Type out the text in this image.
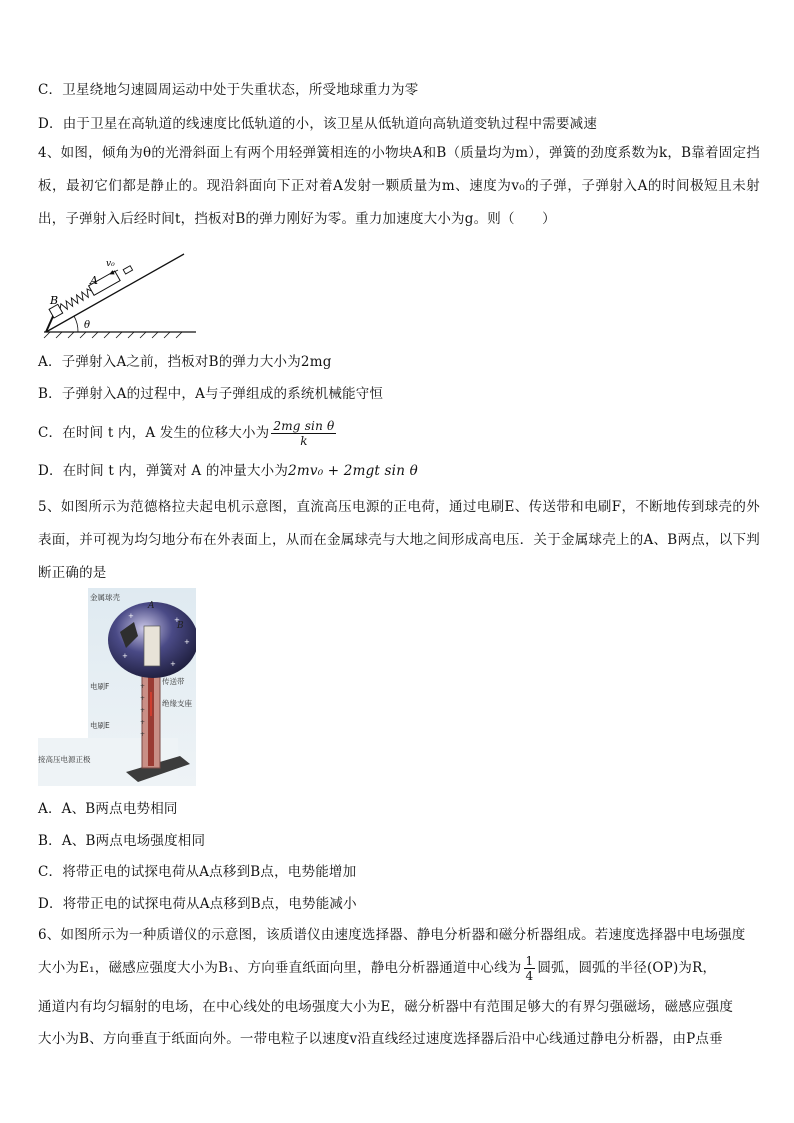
C．卫星绕地匀速圆周运动中处于失重状态，所受地球重力为零
D．由于卫星在高轨道的线速度比低轨道的小，该卫星从低轨道向高轨道变轨过程中需要减速

4、如图，倾角为θ的光滑斜面上有两个用轻弹簧相连的小物块A和B（质量均为m），弹簧的劲度系数为k，B靠着固定挡板，最初它们都是静止的。现沿斜面向下正对着A发射一颗质量为m、速度为v₀的子弹，子弹射入A的时间极短且未射出，子弹射入后经时间t，挡板对B的弹力刚好为零。重力加速度大小为g。则（　　）

θ
B
A
v₀
A．子弹射入A之前，挡板对B的弹力大小为2mg
B．子弹射入A的过程中，A与子弹组成的系统机械能守恒
C．在时间 t 内，A 发生的位移大小为 $\frac{\text{2mg sin θ}}{k}$
D．在时间 t 内，弹簧对 A 的冲量大小为2mv₀ + 2mgt sin θ

5、如图所示为范德格拉夫起电机示意图，直流高压电源的正电荷，通过电刷E、传送带和电刷F，不断地传到球壳的外表面，并可视为均匀地分布在外表面上，从而在金属球壳与大地之间形成高电压．关于金属球壳上的A、B两点，以下判断正确的是

+	+
+
+
+
+
+
+
+
+
金属球壳
A
B
电刷F
传送带
绝缘支座
电刷E
接高压电源正极
A．A、B两点电势相同
B．A、B两点电场强度相同
C．将带正电的试探电荷从A点移到B点，电势能增加
D．将带正电的试探电荷从A点移到B点，电势能减小
6、如图所示为一种质谱仪的示意图，该质谱仪由速度选择器、静电分析器和磁分析器组成。若速度选择器中电场强度
大小为E₁，磁感应强度大小为B₁、方向垂直纸面向里，静电分析器通道中心线为 $\frac{1}{4}$ 圆弧，圆弧的半径(OP)为R，
通道内有均匀辐射的电场，在中心线处的电场强度大小为E，磁分析器中有范围足够大的有界匀强磁场，磁感应强度
大小为B、方向垂直于纸面向外。一带电粒子以速度v沿直线经过速度选择器后沿中心线通过静电分析器，由P点垂
